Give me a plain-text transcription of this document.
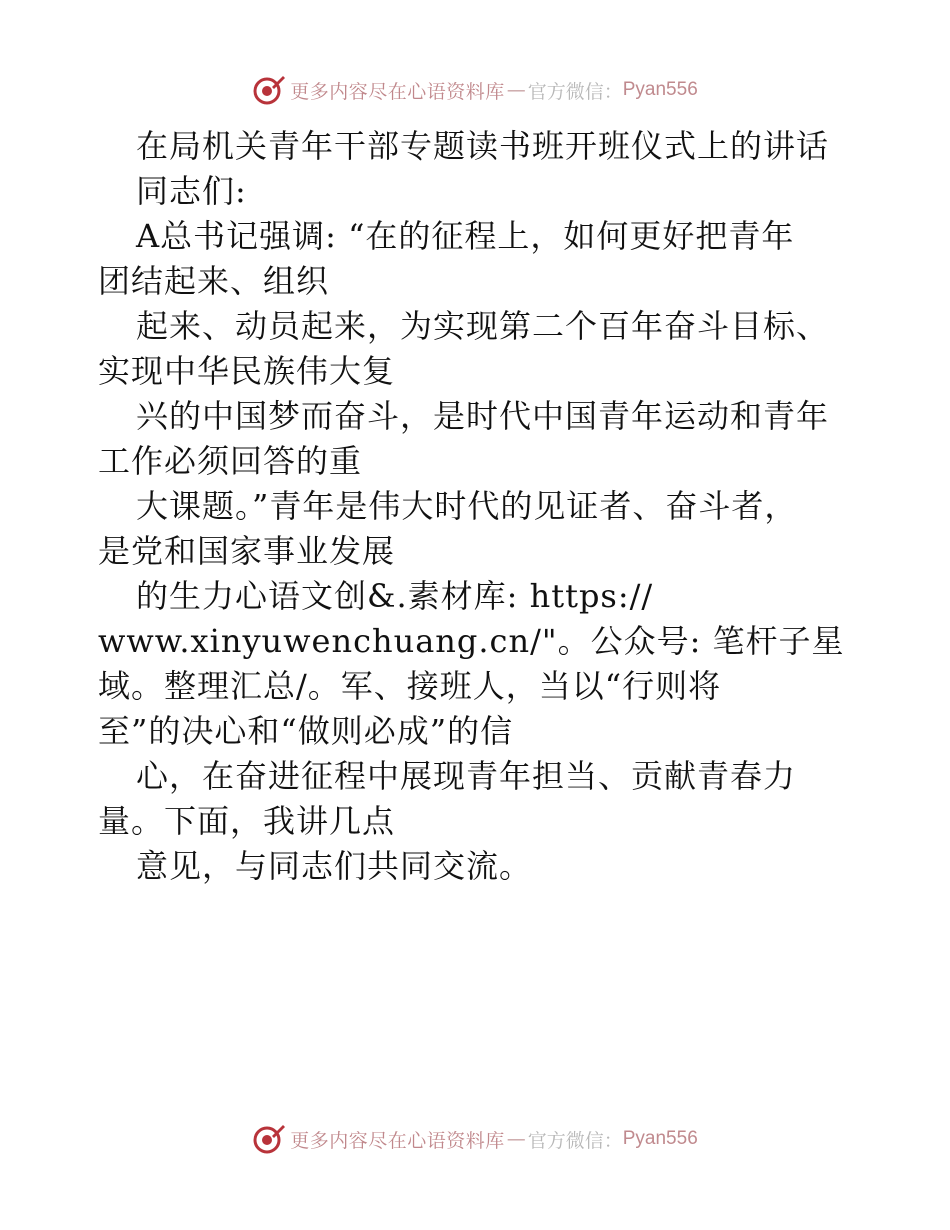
更多内容尽在心语资料库 — 官方微信： Pyan556
在局机关青年干部专题读书班开班仪式上的讲话
同志们:
A总书记强调: “在的征程上，如何更好把青年
团结起来、组织
起来、动员起来，为实现第二个百年奋斗目标、
实现中华民族伟大复
兴的中国梦而奋斗，是时代中国青年运动和青年
工作必须回答的重
大课题。”青年是伟大时代的见证者、奋斗者，
是党和国家事业发展
的生力心语文创&.素材库: https://
www.xinyuwenchuang.cn/"。公众号: 笔杆子星
域。整理汇总/。军、接班人，当以“行则将
至”的决心和“做则必成”的信
心，在奋进征程中展现青年担当、贡献青春力
量。下面，我讲几点
意见，与同志们共同交流。
更多内容尽在心语资料库 — 官方微信： Pyan556
